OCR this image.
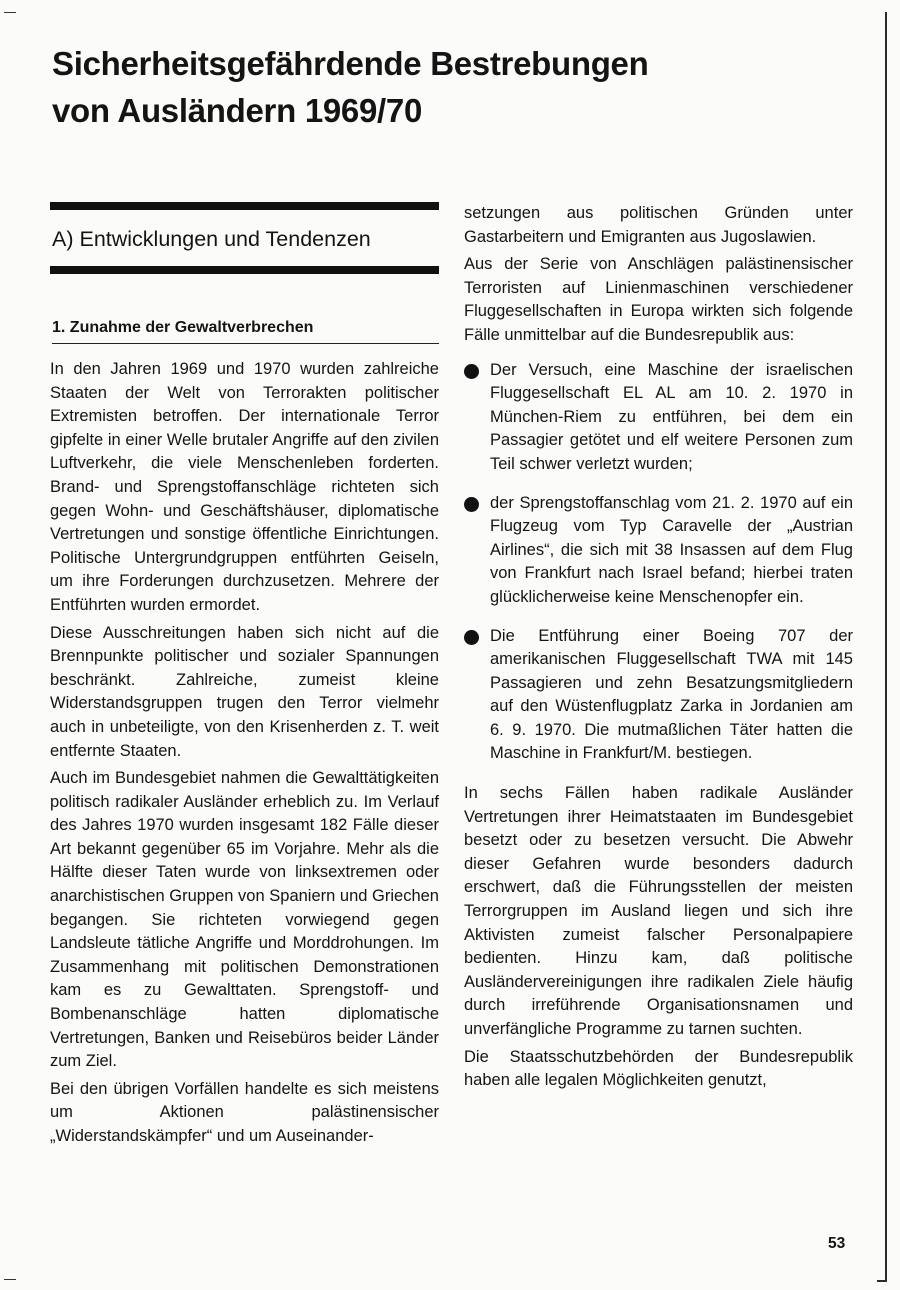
Sicherheitsgefährdende Bestrebungen
von Ausländern 1969/70
A) Entwicklungen und Tendenzen
1. Zunahme der Gewaltverbrechen

In den Jahren 1969 und 1970 wurden zahlreiche Staaten der Welt von Terrorakten politischer Extremisten betroffen. Der internationale Terror gipfelte in einer Welle brutaler Angriffe auf den zivilen Luftverkehr, die viele Menschenleben forderten. Brand- und Sprengstoffanschläge richteten sich gegen Wohn- und Geschäftshäuser, diplomatische Vertretungen und sonstige öffentliche Einrichtungen. Politische Untergrundgruppen entführten Geiseln, um ihre Forderungen durchzusetzen. Mehrere der Entführten wurden ermordet.

Diese Ausschreitungen haben sich nicht auf die Brennpunkte politischer und sozialer Spannungen beschränkt. Zahlreiche, zumeist kleine Widerstandsgruppen trugen den Terror vielmehr auch in unbeteiligte, von den Krisenherden z. T. weit entfernte Staaten.

Auch im Bundesgebiet nahmen die Gewalttätigkeiten politisch radikaler Ausländer erheblich zu. Im Verlauf des Jahres 1970 wurden insgesamt 182 Fälle dieser Art bekannt gegenüber 65 im Vorjahre. Mehr als die Hälfte dieser Taten wurde von linksextremen oder anarchistischen Gruppen von Spaniern und Griechen begangen. Sie richteten vorwiegend gegen Landsleute tätliche Angriffe und Morddrohungen. Im Zusammenhang mit politischen Demonstrationen kam es zu Gewalttaten. Sprengstoff- und Bombenanschläge hatten diplomatische Vertretungen, Banken und Reisebüros beider Länder zum Ziel.

Bei den übrigen Vorfällen handelte es sich meistens um Aktionen palästinensischer „Widerstandskämpfer“ und um Auseinander-

setzungen aus politischen Gründen unter Gastarbeitern und Emigranten aus Jugoslawien.

Aus der Serie von Anschlägen palästinensischer Terroristen auf Linienmaschinen verschiedener Fluggesellschaften in Europa wirkten sich folgende Fälle unmittelbar auf die Bundesrepublik aus:

Der Versuch, eine Maschine der israelischen Fluggesellschaft EL AL am 10. 2. 1970 in München-Riem zu entführen, bei dem ein Passagier getötet und elf weitere Personen zum Teil schwer verletzt wurden;

der Sprengstoffanschlag vom 21. 2. 1970 auf ein Flugzeug vom Typ Caravelle der „Austrian Airlines“, die sich mit 38 Insassen auf dem Flug von Frankfurt nach Israel befand; hierbei traten glücklicherweise keine Menschenopfer ein.

Die Entführung einer Boeing 707 der amerikanischen Fluggesellschaft TWA mit 145 Passagieren und zehn Besatzungsmitgliedern auf den Wüstenflugplatz Zarka in Jordanien am 6. 9. 1970. Die mutmaßlichen Täter hatten die Maschine in Frankfurt/M. bestiegen.

In sechs Fällen haben radikale Ausländer Vertretungen ihrer Heimatstaaten im Bundesgebiet besetzt oder zu besetzen versucht. Die Abwehr dieser Gefahren wurde besonders dadurch erschwert, daß die Führungsstellen der meisten Terrorgruppen im Ausland liegen und sich ihre Aktivisten zumeist falscher Personalpapiere bedienten. Hinzu kam, daß politische Ausländervereinigungen ihre radikalen Ziele häufig durch irreführende Organisationsnamen und unverfängliche Programme zu tarnen suchten.

Die Staatsschutzbehörden der Bundesrepublik haben alle legalen Möglichkeiten genutzt,

53
